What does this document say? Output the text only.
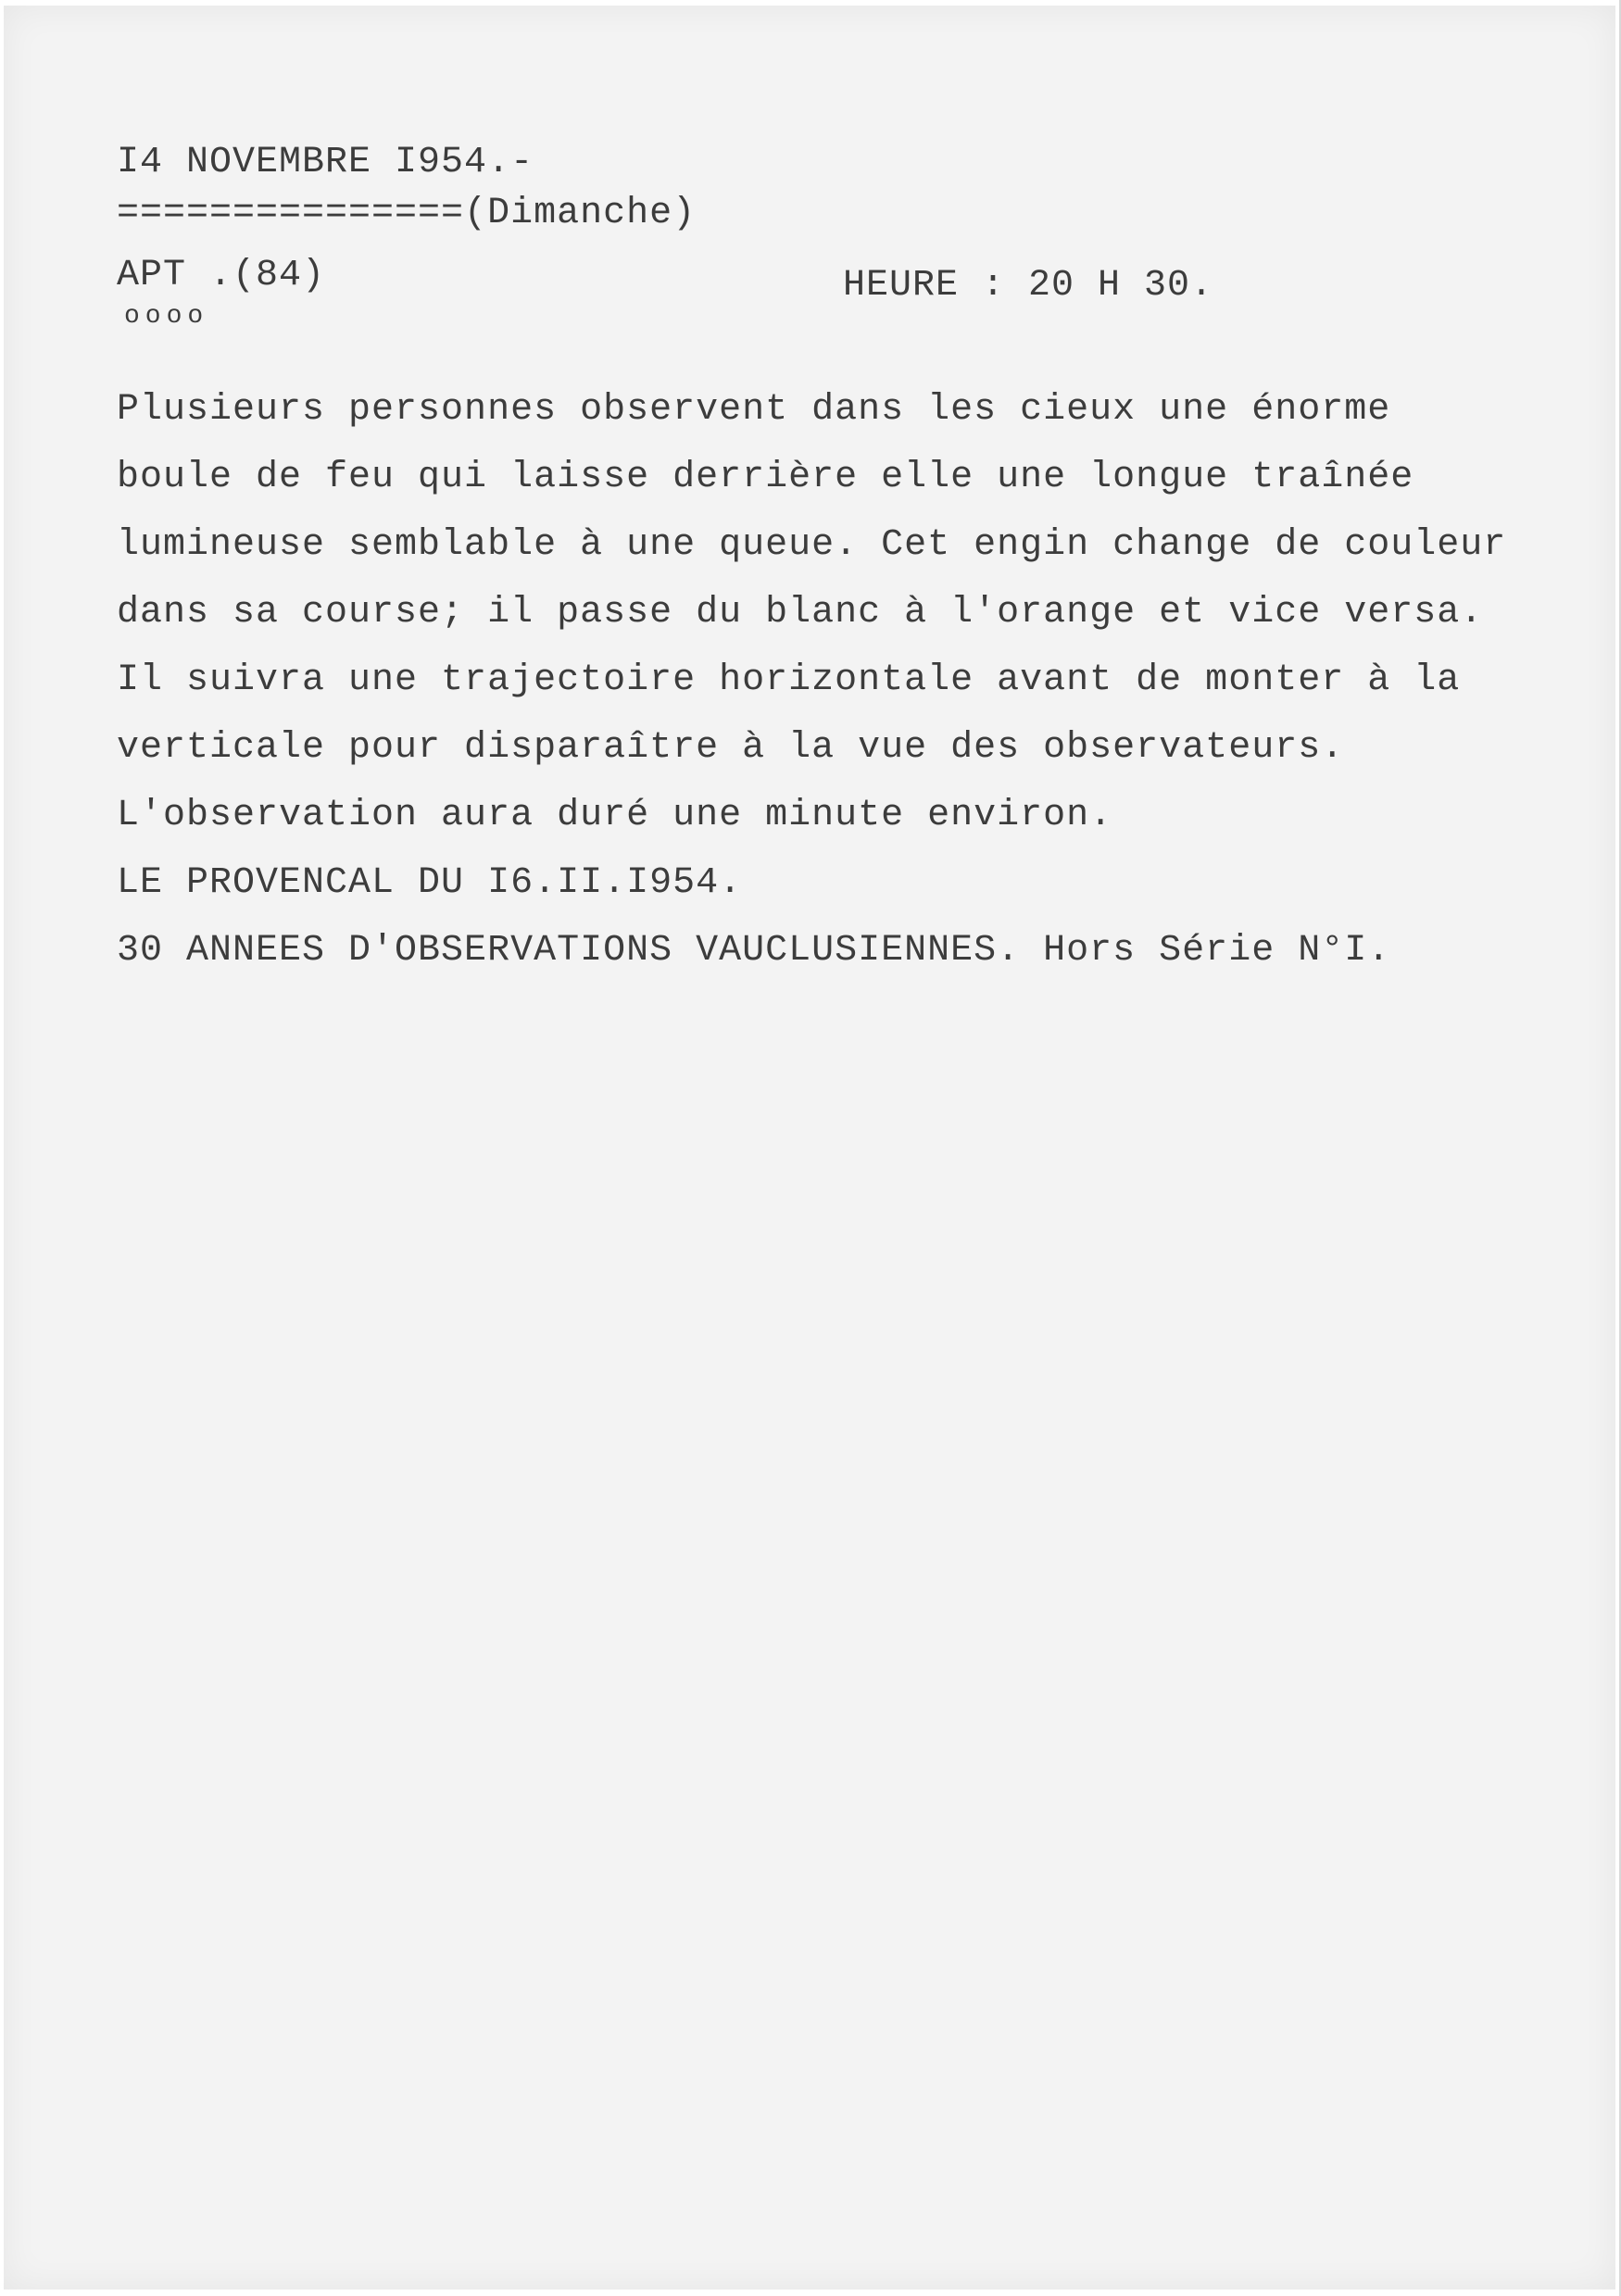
I4 NOVEMBRE I954.-
===============(Dimanche)
APT .(84)
oooo
HEURE : 20 H 30.
Plusieurs personnes observent dans les cieux une énorme
boule de feu qui laisse derrière elle une longue traînée
lumineuse semblable à une queue. Cet engin change de couleur
dans sa course; il passe du blanc à l'orange et vice versa.
Il suivra une trajectoire horizontale avant de monter à la
verticale pour disparaître à la vue des observateurs.
L'observation aura duré une minute environ.
LE PROVENCAL DU I6.II.I954.
30 ANNEES D'OBSERVATIONS VAUCLUSIENNES. Hors Série N°I.
